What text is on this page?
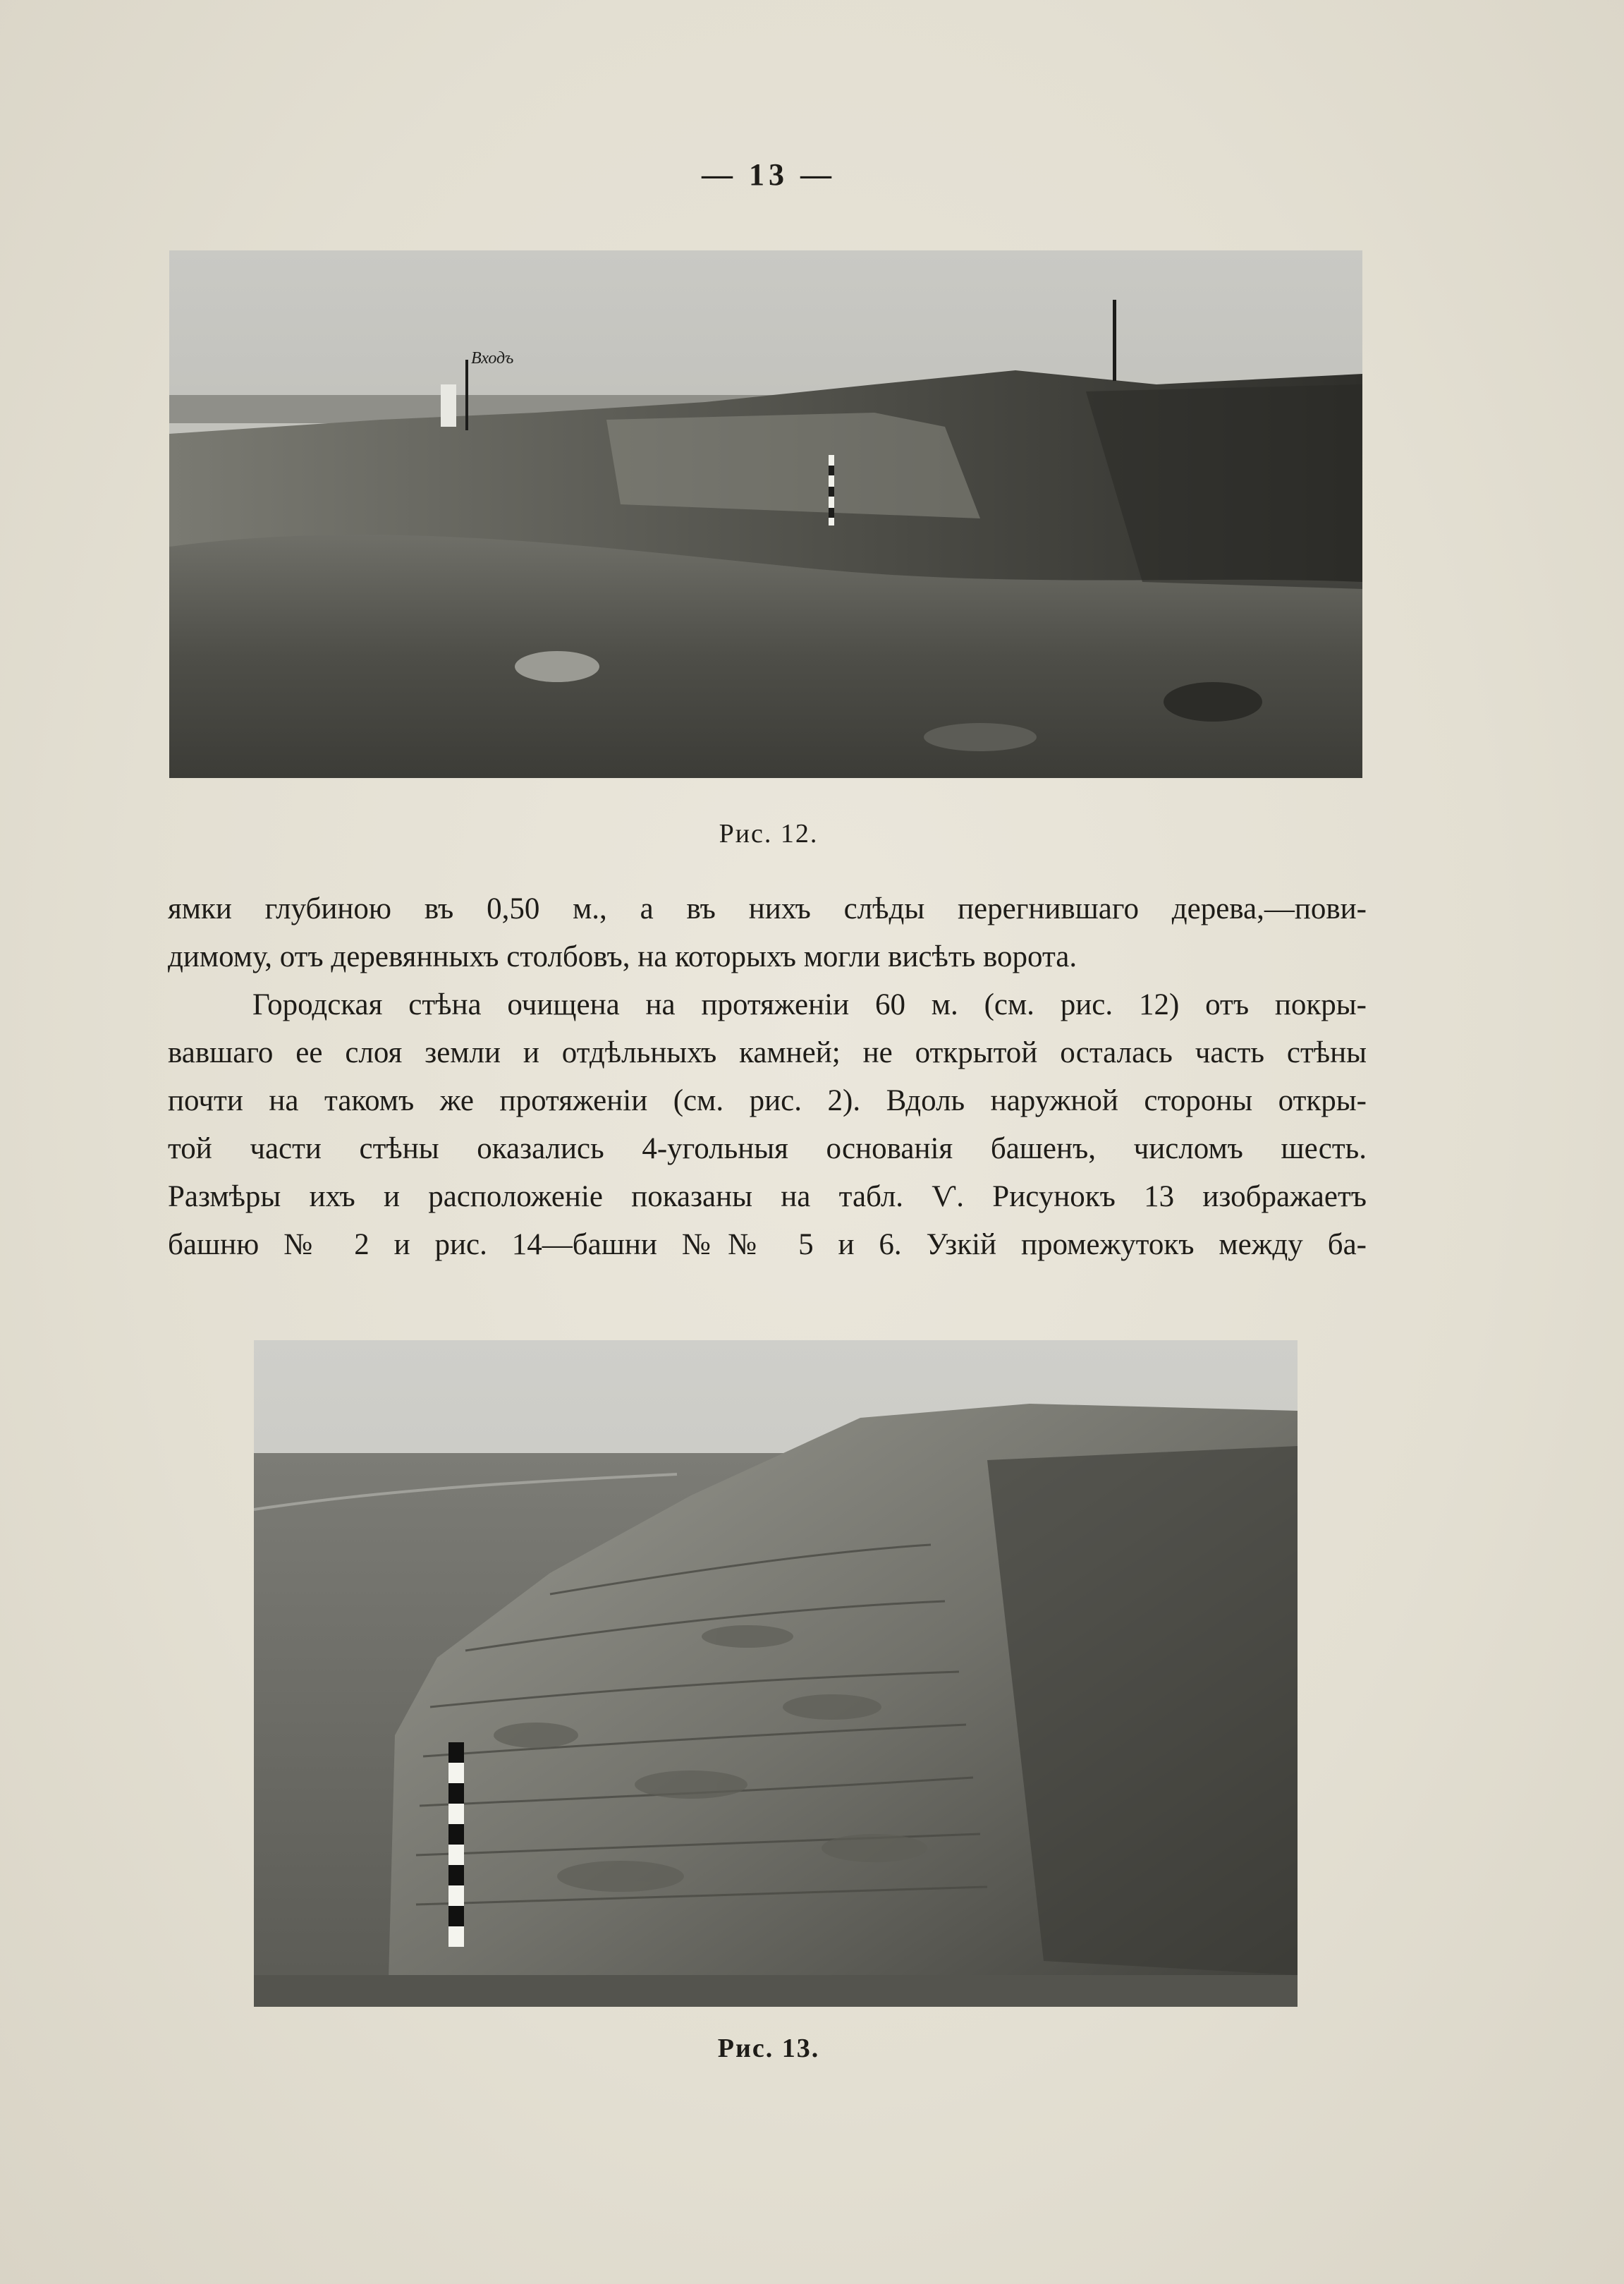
— 13 —
Входъ
Рис. 12.
ямки глубиною въ 0,50 м., а въ нихъ слѣды перегнившаго дерева,—пови-
димому, отъ деревянныхъ столбовъ, на которыхъ могли висѣть ворота.
Городская стѣна очищена на протяженіи 60 м. (см. рис. 12) отъ покры-
вавшаго ее слоя земли и отдѣльныхъ камней; не открытой осталась часть стѣны
почти на такомъ же протяженіи (см. рис. 2). Вдоль наружной стороны откры-
той части стѣны оказались 4-угольныя основанія башенъ, числомъ шесть.
Размѣры ихъ и расположеніе показаны на табл. Ѵ. Рисунокъ 13 изображаетъ
башню № 2 и рис. 14—башни №№ 5 и 6. Узкій промежутокъ между ба-
Рис. 13.
